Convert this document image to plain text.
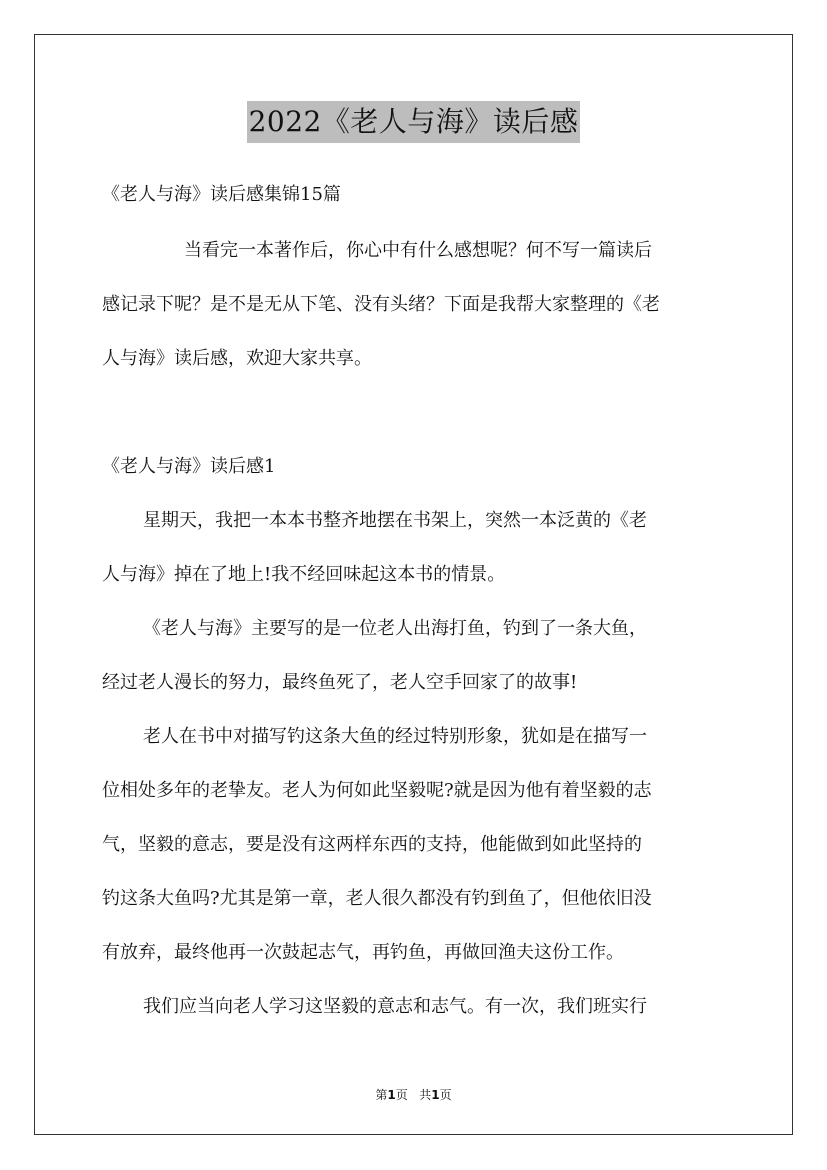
2022《老人与海》读后感

《老人与海》读后感集锦15篇

当看完一本著作后，你心中有什么感想呢？何不写一篇读后

感记录下呢？是不是无从下笔、没有头绪？下面是我帮大家整理的《老

人与海》读后感，欢迎大家共享。

《老人与海》读后感1

星期天，我把一本本书整齐地摆在书架上，突然一本泛黄的《老

人与海》掉在了地上!我不经回味起这本书的情景。

《老人与海》主要写的是一位老人出海打鱼，钓到了一条大鱼，

经过老人漫长的努力，最终鱼死了，老人空手回家了的故事!

老人在书中对描写钓这条大鱼的经过特别形象，犹如是在描写一

位相处多年的老挚友。老人为何如此坚毅呢?就是因为他有着坚毅的志

气，坚毅的意志，要是没有这两样东西的支持，他能做到如此坚持的

钓这条大鱼吗?尤其是第一章，老人很久都没有钓到鱼了，但他依旧没

有放弃，最终他再一次鼓起志气，再钓鱼，再做回渔夫这份工作。

我们应当向老人学习这坚毅的意志和志气。有一次，我们班实行

第1页 共1页
